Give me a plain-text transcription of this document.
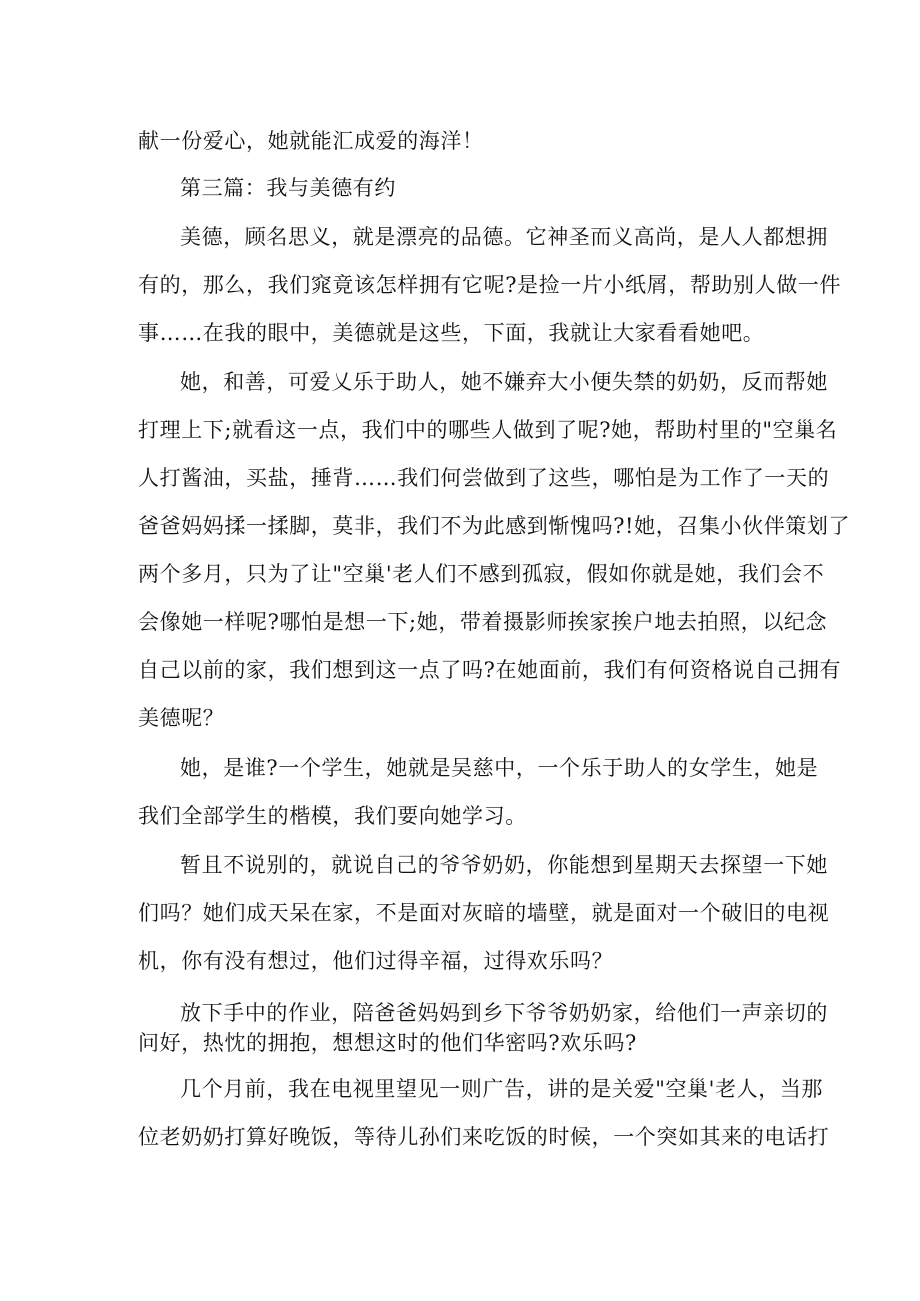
献一份爱心，她就能汇成爱的海洋！
第三篇：我与美德有约
美德，顾名思义，就是漂亮的品德。它神圣而义高尚，是人人都想拥
有的，那么，我们窕竟该怎样拥有它呢?是捡一片小纸屑，帮助别人做一件
事……在我的眼中，美德就是这些，下面，我就让大家看看她吧。
她，和善，可爱乂乐于助人，她不嫌弃大小便失禁的奶奶，反而帮她
打理上下;就看这一点，我们中的哪些人做到了呢?她，帮助村里的"空巢名
人打酱油，买盐，捶背……我们何尝做到了这些，哪怕是为工作了一天的
爸爸妈妈揉一揉脚，莫非，我们不为此感到惭愧吗?!她，召集小伙伴策划了
两个多月，只为了让"空巢'老人们不感到孤寂，假如你就是她，我们会不
会像她一样呢?哪怕是想一下;她，带着摄影师挨家挨户地去拍照，以纪念
自己以前的家，我们想到这一点了吗?在她面前，我们有何资格说自己拥有
美德呢？
她，是谁?一个学生，她就是吴慈中，一个乐于助人的女学生，她是
我们全部学生的楷模，我们要向她学习。
暂且不说别的，就说自己的爷爷奶奶，你能想到星期天去探望一下她
们吗？她们成天呆在家，不是面对灰暗的墙壁，就是面对一个破旧的电视
机，你有没有想过，他们过得辛福，过得欢乐吗？
放下手中的作业，陪爸爸妈妈到乡下爷爷奶奶家，给他们一声亲切的
问好，热忱的拥抱，想想这时的他们华密吗?欢乐吗?
几个月前，我在电视里望见一则广告，讲的是关爱"空巢'老人，当那
位老奶奶打算好晚饭，等待儿孙们来吃饭的时候，一个突如其来的电话打
